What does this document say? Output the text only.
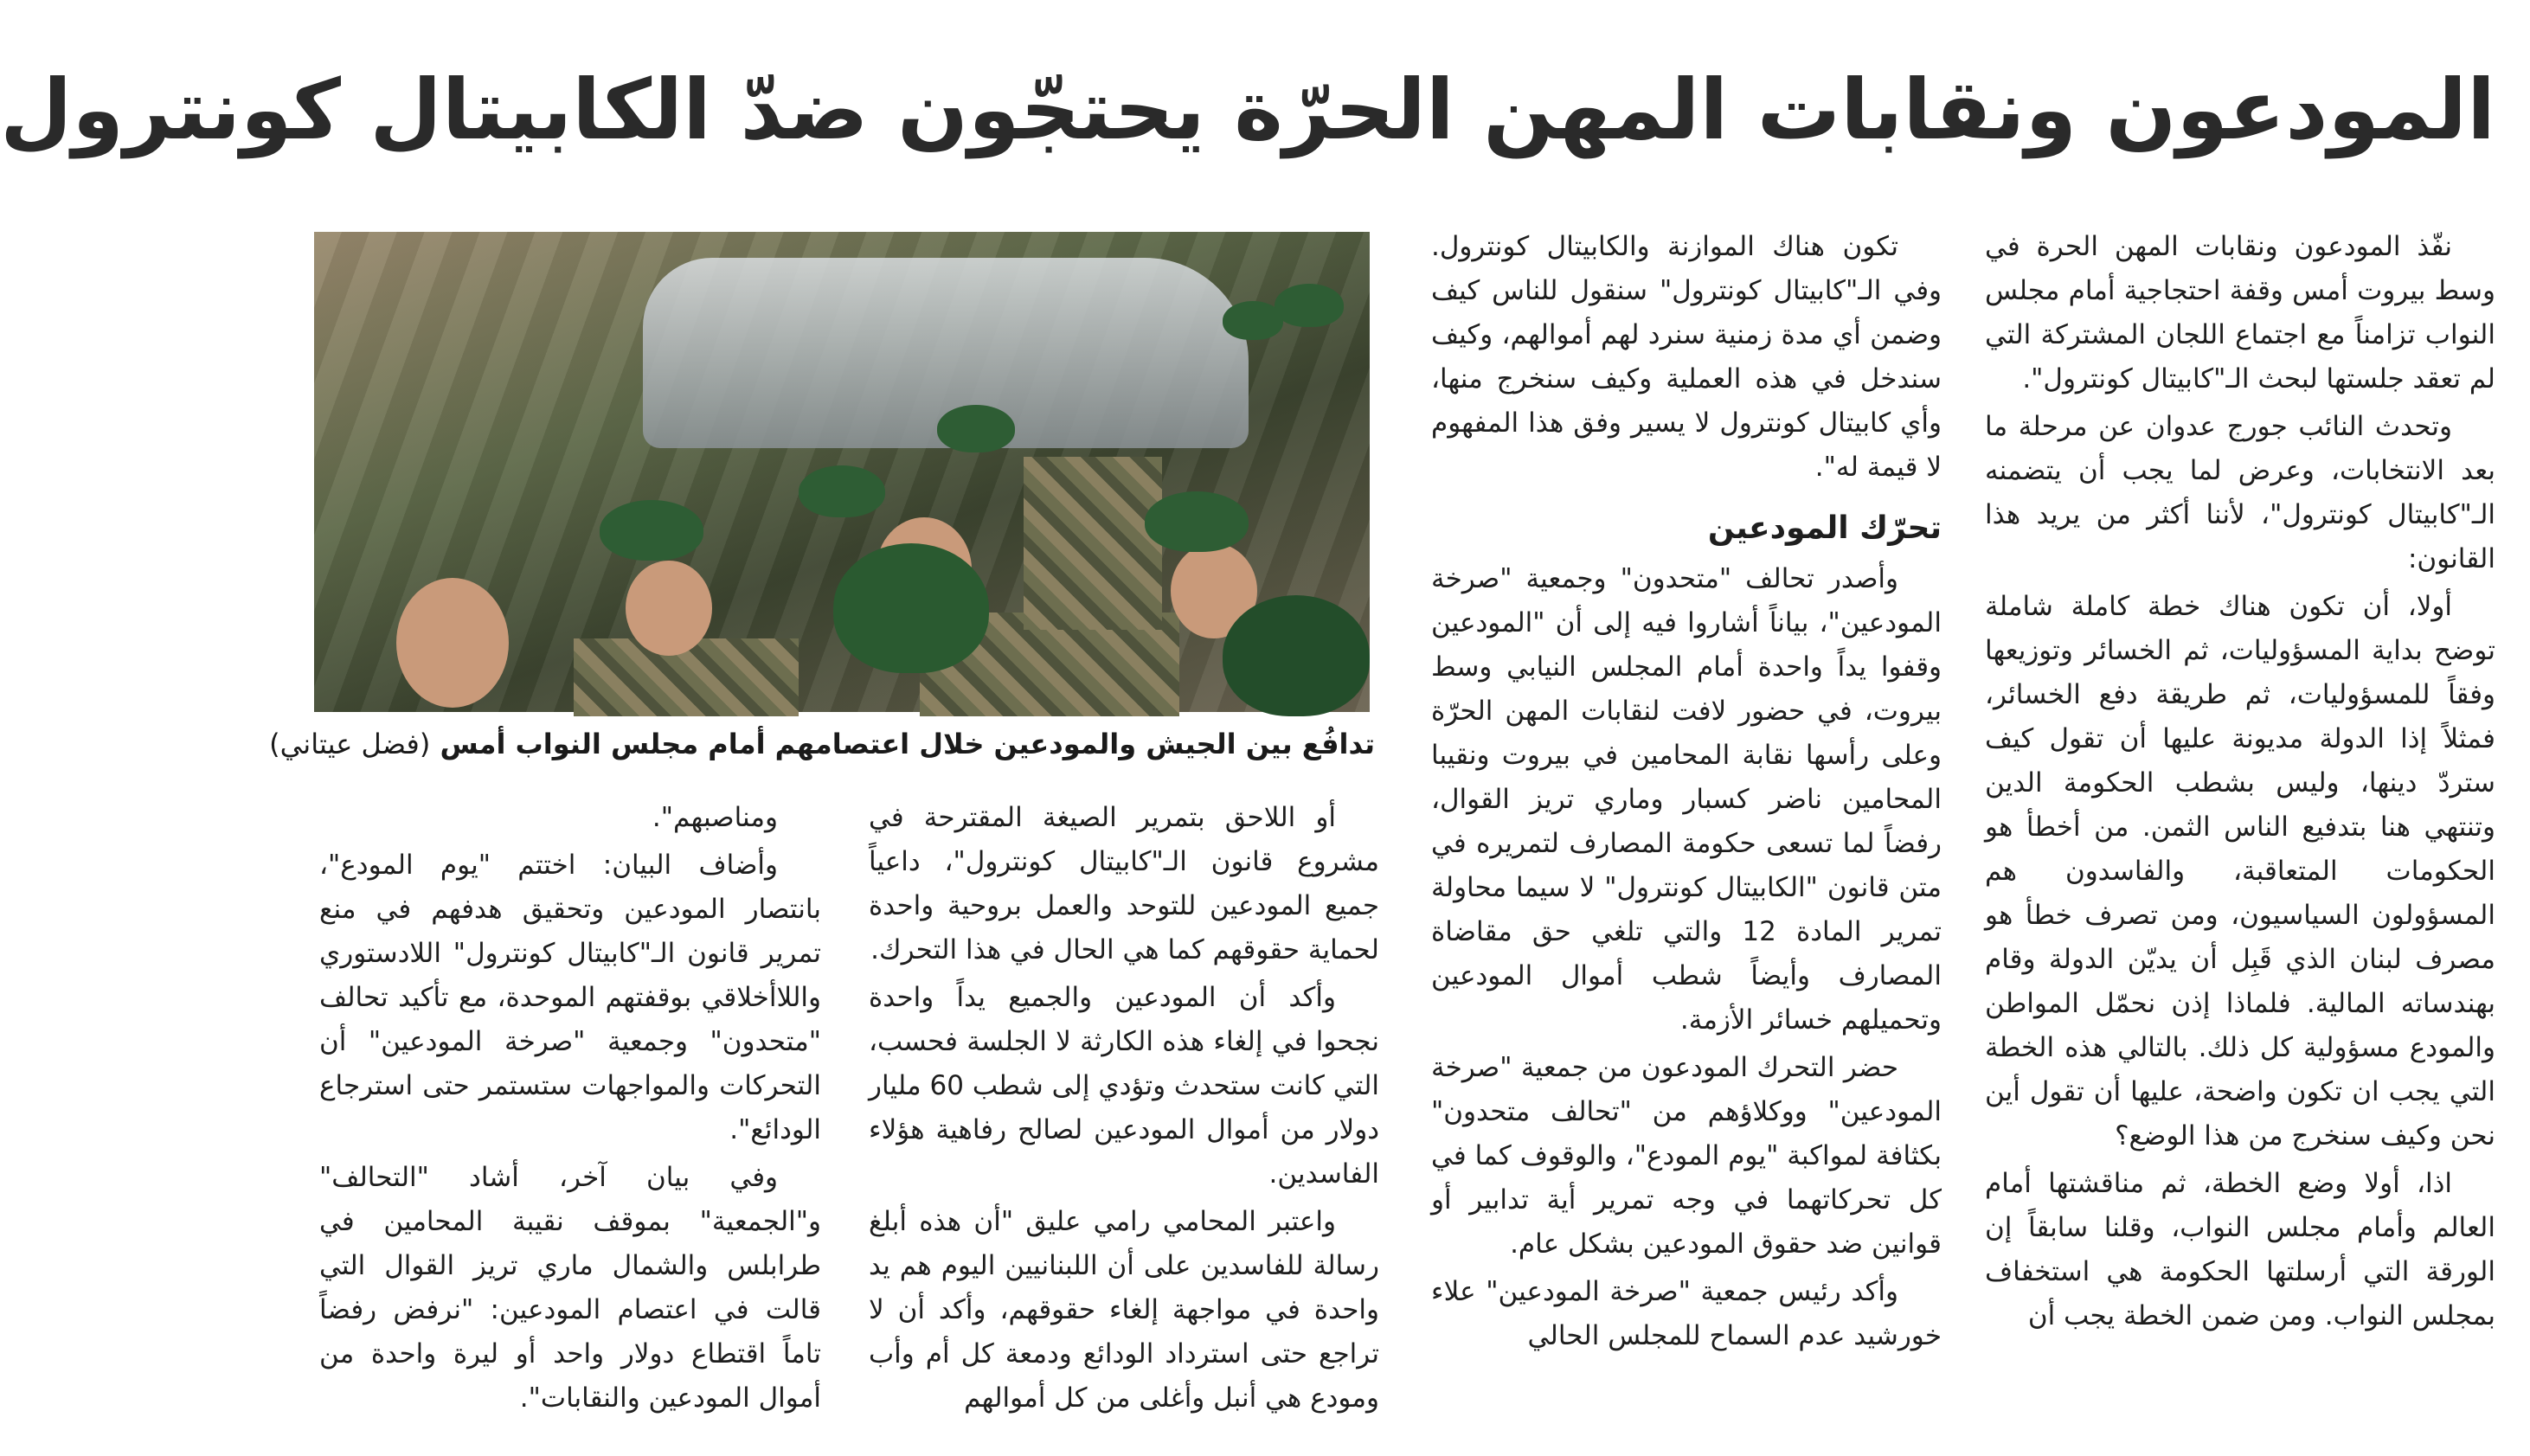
المودعون ونقابات المهن الحرّة يحتجّون ضدّ الكابيتال كونترول

نفّذ المودعون ونقابات المهن الحرة في وسط بيروت أمس وقفة احتجاجية أمام مجلس النواب تزامناً مع اجتماع اللجان المشتركة التي لم تعقد جلستها لبحث الـ"كابيتال كونترول".

وتحدث النائب جورج عدوان عن مرحلة ما بعد الانتخابات، وعرض لما يجب أن يتضمنه الـ"كابيتال كونترول"، لأننا أكثر من يريد هذا القانون:

أولا، أن تكون هناك خطة كاملة شاملة توضح بداية المسؤوليات، ثم الخسائر وتوزيعها وفقاً للمسؤوليات، ثم طريقة دفع الخسائر، فمثلاً إذا الدولة مديونة عليها أن تقول كيف ستردّ دينها، وليس بشطب الحكومة الدين وتنتهي هنا بتدفيع الناس الثمن. من أخطأ هو الحكومات المتعاقبة، والفاسدون هم المسؤولون السياسيون، ومن تصرف خطأ هو مصرف لبنان الذي قَبِل أن يديّن الدولة وقام بهندساته المالية. فلماذا إذن نحمّل المواطن والمودع مسؤولية كل ذلك. بالتالي هذه الخطة التي يجب ان تكون واضحة، عليها أن تقول أين نحن وكيف سنخرج من هذا الوضع؟

اذا، أولا وضع الخطة، ثم مناقشتها أمام العالم وأمام مجلس النواب، وقلنا سابقاً إن الورقة التي أرسلتها الحكومة هي استخفاف بمجلس النواب. ومن ضمن الخطة يجب أن

تكون هناك الموازنة والكابيتال كونترول. وفي الـ"كابيتال كونترول" سنقول للناس كيف وضمن أي مدة زمنية سنرد لهم أموالهم، وكيف سندخل في هذه العملية وكيف سنخرج منها، وأي كابيتال كونترول لا يسير وفق هذا المفهوم لا قيمة له".

تحرّك المودعين

وأصدر تحالف "متحدون" وجمعية "صرخة المودعين"، بياناً أشاروا فيه إلى أن "المودعين وقفوا يداً واحدة أمام المجلس النيابي وسط بيروت، في حضور لافت لنقابات المهن الحرّة وعلى رأسها نقابة المحامين في بيروت ونقيبا المحامين ناضر كسبار وماري تريز القوال، رفضاً لما تسعى حكومة المصارف لتمريره في متن قانون "الكابيتال كونترول" لا سيما محاولة تمرير المادة 12 والتي تلغي حق مقاضاة المصارف وأيضاً شطب أموال المودعين وتحميلهم خسائر الأزمة.

حضر التحرك المودعون من جمعية "صرخة المودعين" ووكلاؤهم من "تحالف متحدون" بكثافة لمواكبة "يوم المودع"، والوقوف كما في كل تحركاتهما في وجه تمرير أية تدابير أو قوانين ضد حقوق المودعين بشكل عام.

وأكد رئيس جمعية "صرخة المودعين" علاء خورشيد عدم السماح للمجلس الحالي

تدافُع بين الجيش والمودعين خلال اعتصامهم أمام مجلس النواب أمس (فضل عيتاني)

أو اللاحق بتمرير الصيغة المقترحة في مشروع قانون الـ"كابيتال كونترول"، داعياً جميع المودعين للتوحد والعمل بروحية واحدة لحماية حقوقهم كما هي الحال في هذا التحرك.

وأكد أن المودعين والجميع يداً واحدة نجحوا في إلغاء هذه الكارثة لا الجلسة فحسب، التي كانت ستحدث وتؤدي إلى شطب 60 مليار دولار من أموال المودعين لصالح رفاهية هؤلاء الفاسدين.

واعتبر المحامي رامي عليق "أن هذه أبلغ رسالة للفاسدين على أن اللبنانيين اليوم هم يد واحدة في مواجهة إلغاء حقوقهم، وأكد أن لا تراجع حتى استرداد الودائع ودمعة كل أم وأب ومودع هي أنبل وأغلى من كل أموالهم

ومناصبهم".

وأضاف البيان: اختتم "يوم المودع"، بانتصار المودعين وتحقيق هدفهم في منع تمرير قانون الـ"كابيتال كونترول" اللادستوري واللاأخلاقي بوقفتهم الموحدة، مع تأكيد تحالف "متحدون" وجمعية "صرخة المودعين" أن التحركات والمواجهات ستستمر حتى استرجاع الودائع".

وفي بيان آخر، أشاد "التحالف" و"الجمعية" بموقف نقيبة المحامين في طرابلس والشمال ماري تريز القوال التي قالت في اعتصام المودعين: "نرفض رفضاً تاماً اقتطاع دولار واحد أو ليرة واحدة من أموال المودعين والنقابات".
